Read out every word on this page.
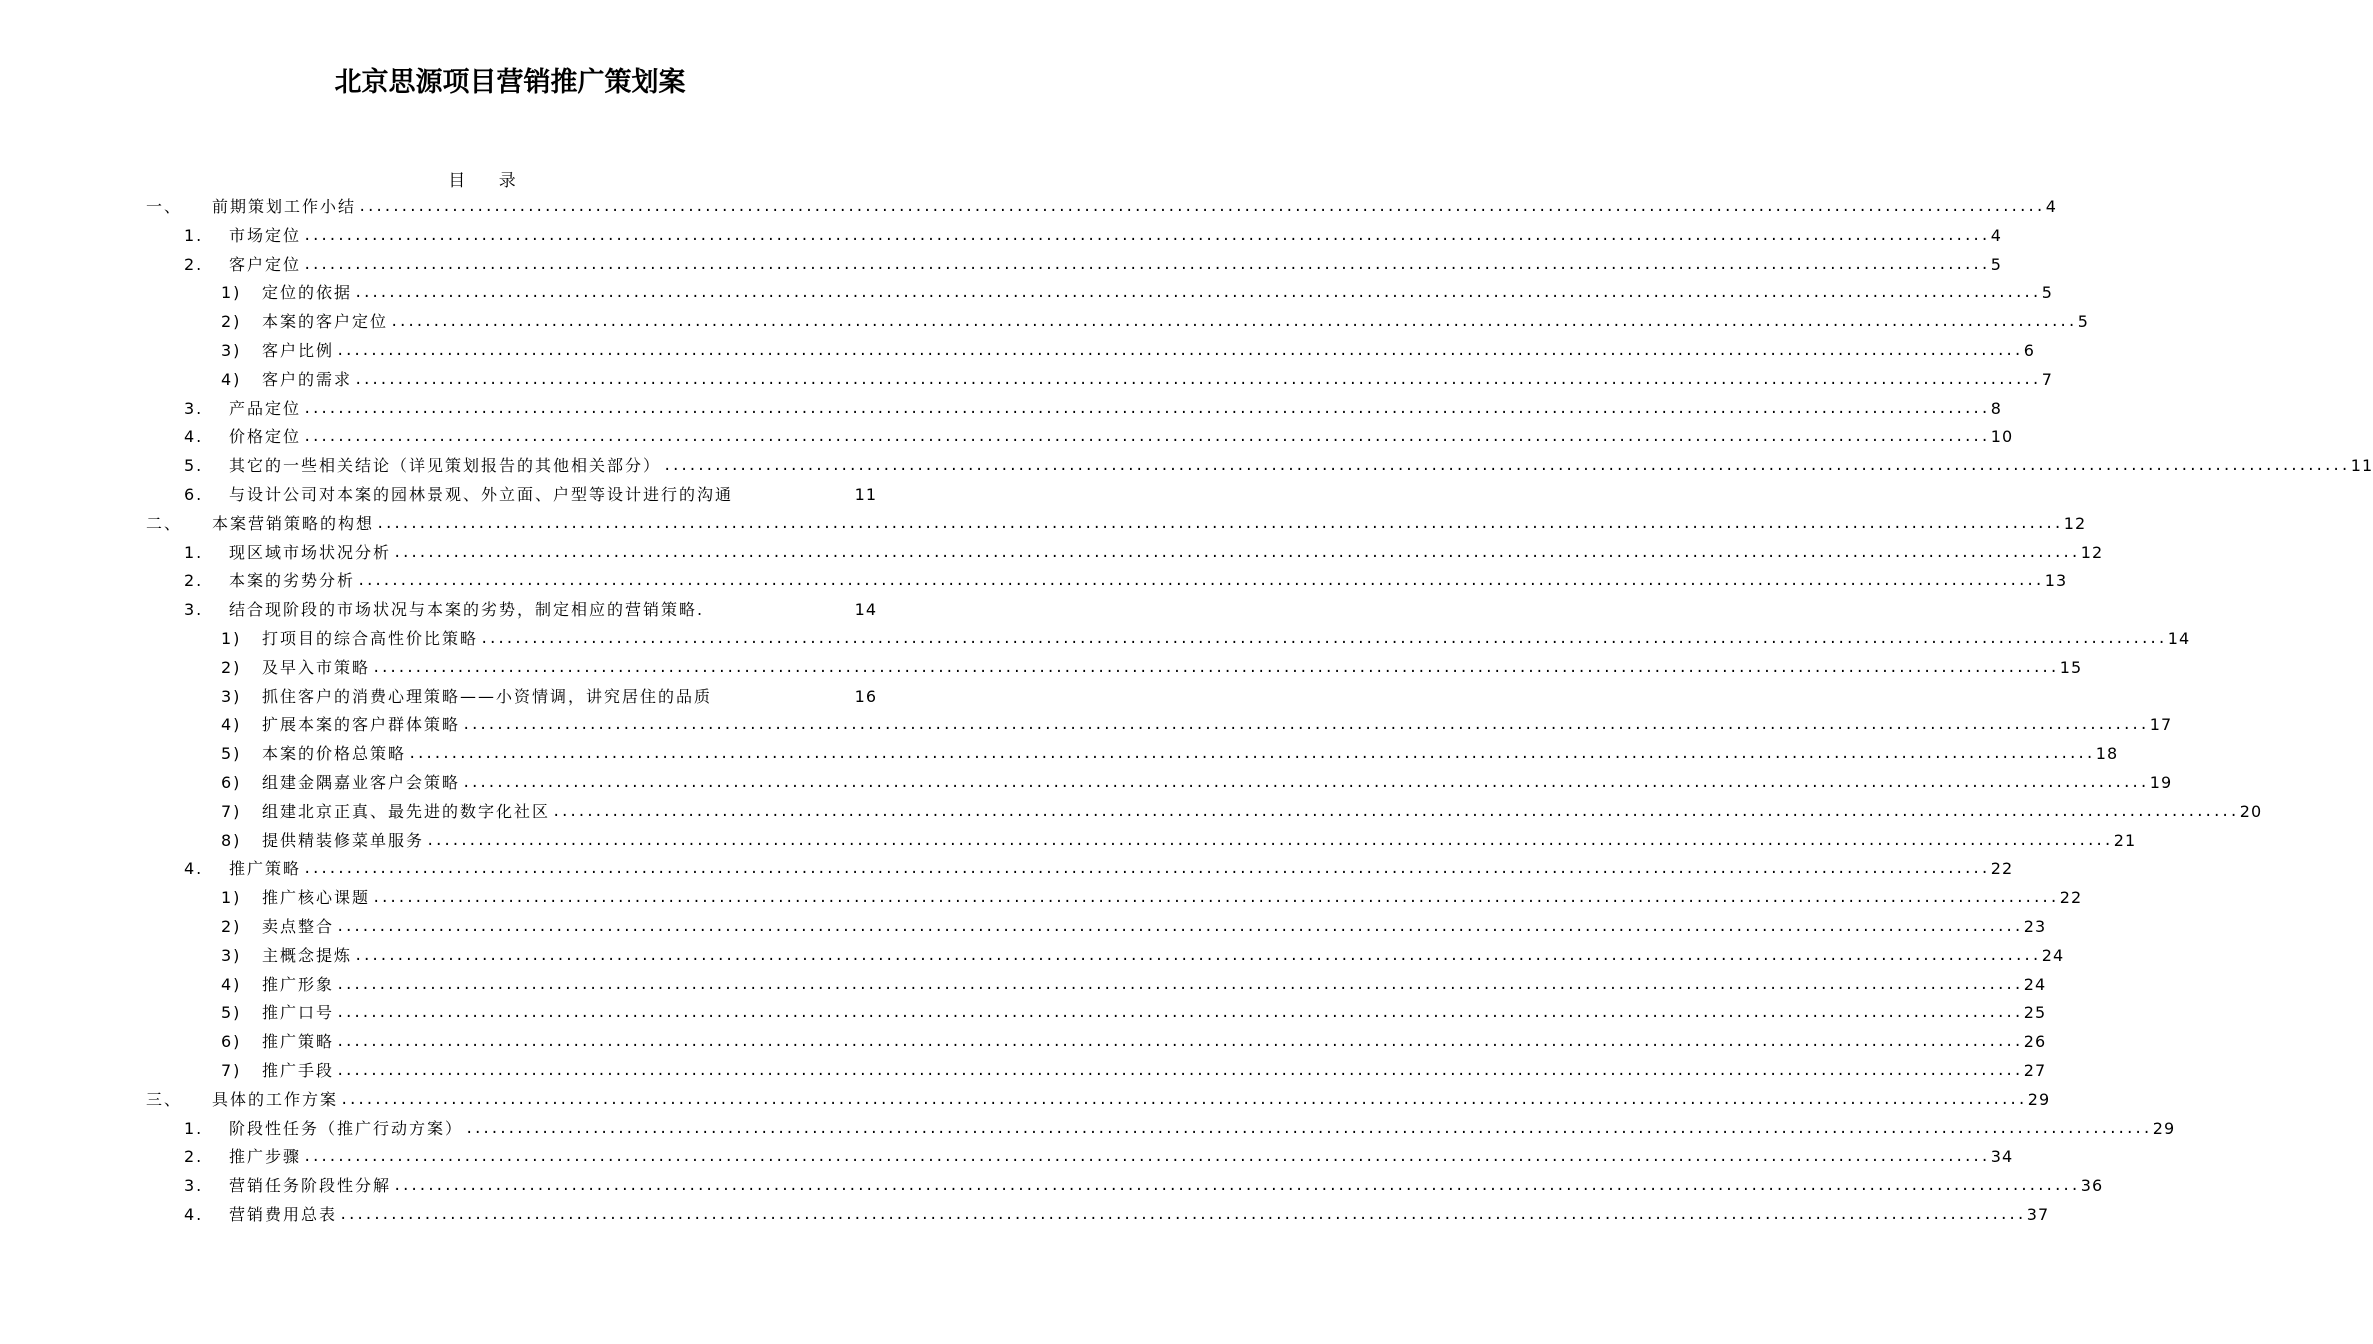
北京思源项目营销推广策划案
目 录
一、 前期策划工作小结 ........................................................................................................................................................................................................ 4
1. 市场定位 ........................................................................................................................................................................................................ 4
2. 客户定位 ........................................................................................................................................................................................................ 5
1) 定位的依据 ........................................................................................................................................................................................................ 5
2) 本案的客户定位 ........................................................................................................................................................................................................ 5
3) 客户比例 ........................................................................................................................................................................................................ 6
4) 客户的需求 ........................................................................................................................................................................................................ 7
3. 产品定位 ........................................................................................................................................................................................................ 8
4. 价格定位 ........................................................................................................................................................................................................ 10
5. 其它的一些相关结论（详见策划报告的其他相关部分） ........................................................................................................................................................................................................ 11
6. 与设计公司对本案的园林景观、外立面、户型等设计进行的沟通	11
二、 本案营销策略的构想 ........................................................................................................................................................................................................ 12
1. 现区域市场状况分析 ........................................................................................................................................................................................................ 12
2. 本案的劣势分析 ........................................................................................................................................................................................................ 13
3. 结合现阶段的市场状况与本案的劣势，制定相应的营销策略.	14
1) 打项目的综合高性价比策略 ........................................................................................................................................................................................................ 14
2) 及早入市策略 ........................................................................................................................................................................................................ 15
3) 抓住客户的消费心理策略——小资情调，讲究居住的品质	16
4) 扩展本案的客户群体策略 ........................................................................................................................................................................................................ 17
5) 本案的价格总策略 ........................................................................................................................................................................................................ 18
6) 组建金隅嘉业客户会策略 ........................................................................................................................................................................................................ 19
7) 组建北京正真、最先进的数字化社区 ........................................................................................................................................................................................................ 20
8) 提供精装修菜单服务 ........................................................................................................................................................................................................ 21
4. 推广策略 ........................................................................................................................................................................................................ 22
1) 推广核心课题 ........................................................................................................................................................................................................ 22
2) 卖点整合 ........................................................................................................................................................................................................ 23
3) 主概念提炼 ........................................................................................................................................................................................................ 24
4) 推广形象 ........................................................................................................................................................................................................ 24
5) 推广口号 ........................................................................................................................................................................................................ 25
6) 推广策略 ........................................................................................................................................................................................................ 26
7) 推广手段 ........................................................................................................................................................................................................ 27
三、 具体的工作方案 ........................................................................................................................................................................................................ 29
1. 阶段性任务（推广行动方案） ........................................................................................................................................................................................................ 29
2. 推广步骤 ........................................................................................................................................................................................................ 34
3. 营销任务阶段性分解 ........................................................................................................................................................................................................ 36
4. 营销费用总表 ........................................................................................................................................................................................................ 37
